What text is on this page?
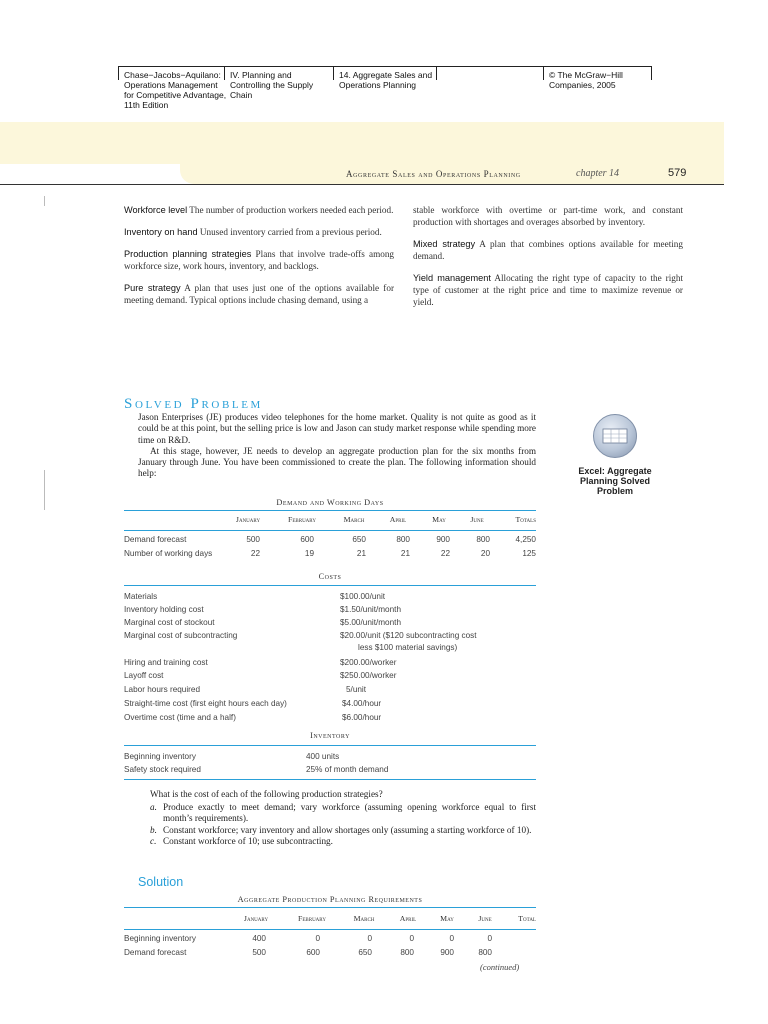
Chase−Jacobs−Aquilano:
Operations Management
for Competitive Advantage,
11th Edition
IV. Planning and
Controlling the Supply
Chain
14. Aggregate Sales and
Operations Planning
© The McGraw−Hill
Companies, 2005
Aggregate Sales and Operations Planning	chapter 14	579

Workforce level The number of production workers needed each period.

Inventory on hand Unused inventory carried from a previous period.

Production planning strategies Plans that involve trade-offs among workforce size, work hours, inventory, and backlogs.

Pure strategy A plan that uses just one of the options available for meeting demand. Typical options include chasing demand, using a

stable workforce with overtime or part-time work, and constant production with shortages and overages absorbed by inventory.

Mixed strategy A plan that combines options available for meeting demand.

Yield management Allocating the right type of capacity to the right type of customer at the right price and time to maximize revenue or yield.

Solved Problem

Jason Enterprises (JE) produces video telephones for the home market. Quality is not quite as good as it could be at this point, but the selling price is low and Jason can study market response while spending more time on R&D.

At this stage, however, JE needs to develop an aggregate production plan for the six months from January through June. You have been commissioned to create the plan. The following information should help:	Excel: Aggregate Planning Solved Problem
Demand and Working Days
January	February	March	April	May	June	Totals
Demand forecast	500	600	650	800	900	800	4,250
Number of working days	22	19	21	21	22	20	125
Costs
Materials	$100.00/unit
Inventory holding cost	$1.50/unit/month
Marginal cost of stockout	$5.00/unit/month
Marginal cost of subcontracting	$20.00/unit ($120 subcontracting cost
less $100 material savings)
Hiring and training cost	$200.00/worker
Layoff cost	$250.00/worker
Labor hours required	5/unit
Straight-time cost (first eight hours each day)	$4.00/hour
Overtime cost (time and a half)	$6.00/hour
Inventory
Beginning inventory	400 units
Safety stock required	25% of month demand
What is the cost of each of the following production strategies?
a. Produce exactly to meet demand; vary workforce (assuming opening workforce equal to first month’s requirements).
b. Constant workforce; vary inventory and allow shortages only (assuming a starting workforce of 10).
c. Constant workforce of 10; use subcontracting.
Solution
Aggregate Production Planning Requirements
January	February	March	April	May	June	Total
Beginning inventory	400	0	0	0	0	0
Demand forecast	500	600	650	800	900	800
(continued)
